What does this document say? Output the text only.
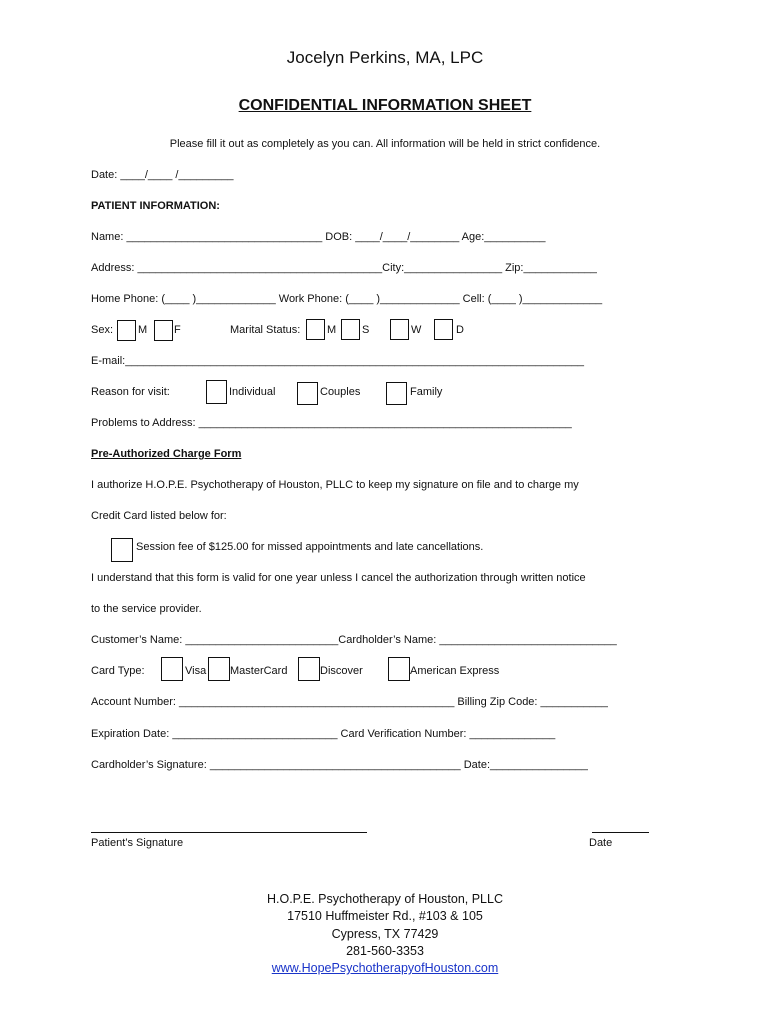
Jocelyn Perkins, MA, LPC
CONFIDENTIAL INFORMATION SHEET
Please fill it out as completely as you can. All information will be held in strict confidence.
Date: ____/____ /_________
PATIENT INFORMATION:
Name: ________________________________ DOB: ____/____/________ Age:__________
Address: ________________________________________City:________________ Zip:____________
Home Phone: (____ )_____________ Work Phone: (____ )_____________ Cell: (____ )_____________
Sex: M F	Marital Status: M S	W	D
E-mail:___________________________________________________________________________
Reason for visit:	Individual	Couples	Family
Problems to Address: _____________________________________________________________
Pre-Authorized Charge Form
I authorize H.O.P.E. Psychotherapy of Houston, PLLC to keep my signature on file and to charge my
Credit Card listed below for:
Session fee of $125.00 for missed appointments and late cancellations.
I understand that this form is valid for one year unless I cancel the authorization through written notice
to the service provider.
Customer’s Name: _________________________Cardholder’s Name: _____________________________
Card Type:	Visa MasterCard	Discover	American Express
Account Number: _____________________________________________ Billing Zip Code: ___________
Expiration Date: ___________________________ Card Verification Number: ______________
Cardholder’s Signature: _________________________________________ Date:________________
Patient’s Signature	Date
H.O.P.E. Psychotherapy of Houston, PLLC
17510 Huffmeister Rd., #103 & 105
Cypress, TX 77429
281-560-3353
www.HopePsychotherapyofHouston.com
